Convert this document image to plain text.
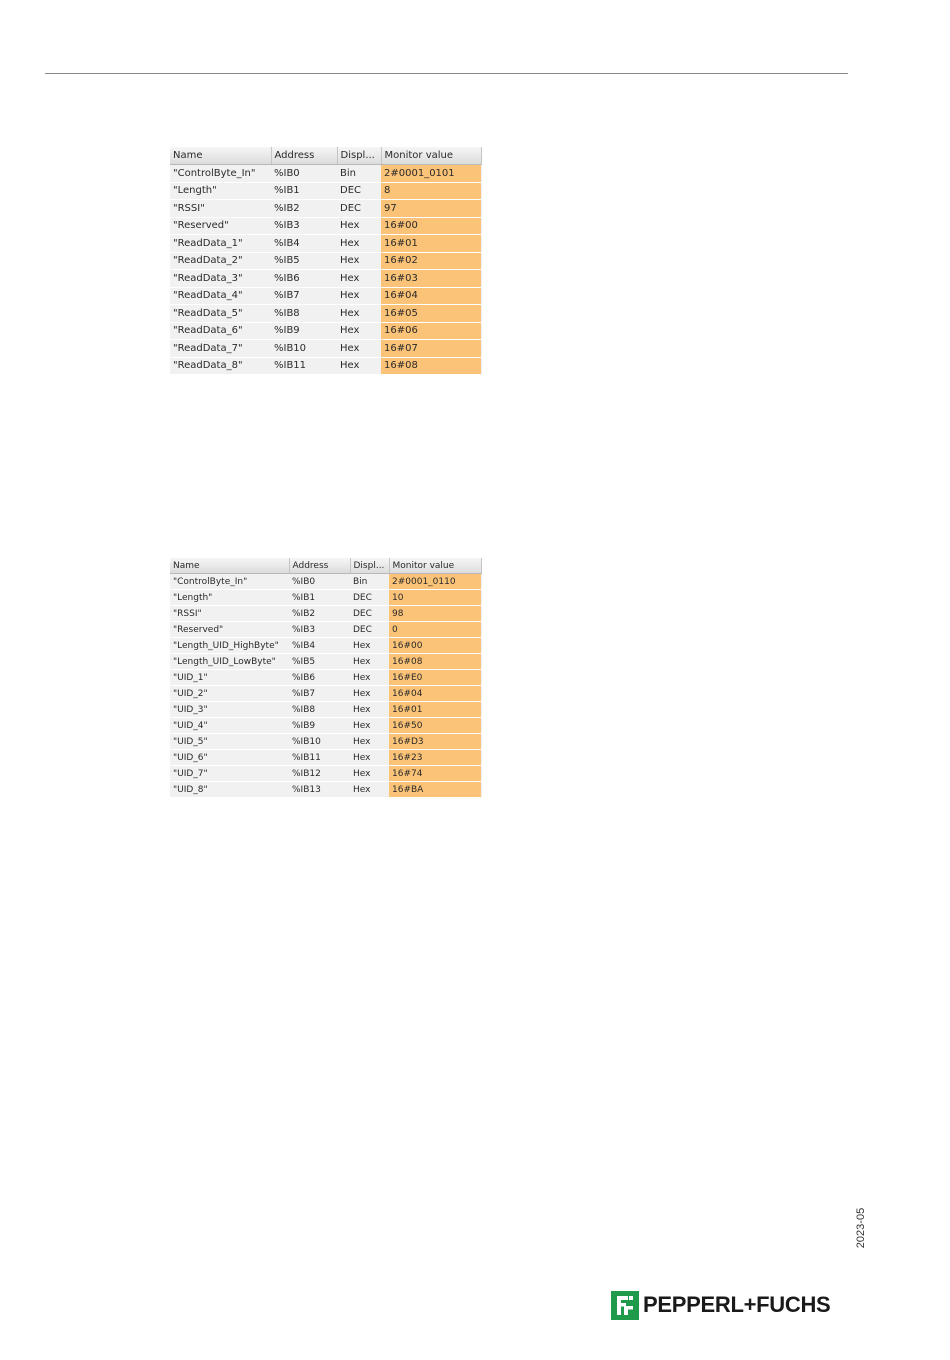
Name	Address	Displ...	Monitor value
"ControlByte_In"	%IB0	Bin	2#0001_0101
"Length"	%IB1	DEC	8
"RSSI"	%IB2	DEC	97
"Reserved"	%IB3	Hex	16#00
"ReadData_1"	%IB4	Hex	16#01
"ReadData_2"	%IB5	Hex	16#02
"ReadData_3"	%IB6	Hex	16#03
"ReadData_4"	%IB7	Hex	16#04
"ReadData_5"	%IB8	Hex	16#05
"ReadData_6"	%IB9	Hex	16#06
"ReadData_7"	%IB10	Hex	16#07
"ReadData_8"	%IB11	Hex	16#08
Name	Address	Displ...	Monitor value
"ControlByte_In"	%IB0	Bin	2#0001_0110
"Length"	%IB1	DEC	10
"RSSI"	%IB2	DEC	98
"Reserved"	%IB3	DEC	0
"Length_UID_HighByte"	%IB4	Hex	16#00
"Length_UID_LowByte"	%IB5	Hex	16#08
"UID_1"	%IB6	Hex	16#E0
"UID_2"	%IB7	Hex	16#04
"UID_3"	%IB8	Hex	16#01
"UID_4"	%IB9	Hex	16#50
"UID_5"	%IB10	Hex	16#D3
"UID_6"	%IB11	Hex	16#23
"UID_7"	%IB12	Hex	16#74
"UID_8"	%IB13	Hex	16#BA
2023-05
PEPPERL+FUCHS
